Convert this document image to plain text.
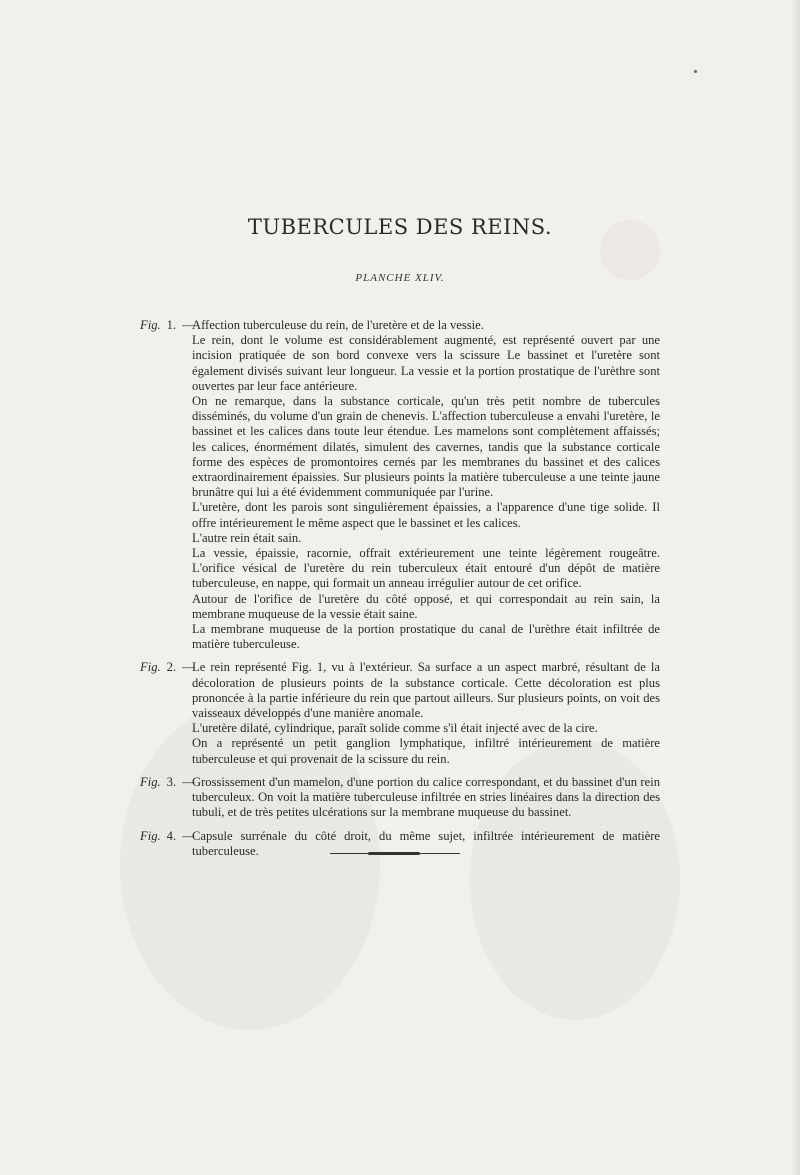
TUBERCULES DES REINS.
PLANCHE XLIV.
Fig. 1. —
Affection tuberculeuse du rein, de l'uretère et de la vessie.
Le rein, dont le volume est considérablement augmenté, est représenté ouvert par une incision pratiquée de son bord convexe vers la scissure Le bassinet et l'uretère sont également divisés suivant leur longueur. La vessie et la portion prostatique de l'urèthre sont ouvertes par leur face antérieure.
On ne remarque, dans la substance corticale, qu'un très petit nombre de tubercules disséminés, du volume d'un grain de chenevis. L'affection tuberculeuse a envahi l'uretère, le bassinet et les calices dans toute leur étendue. Les mamelons sont complètement affaissés; les calices, énormément dilatés, simulent des cavernes, tandis que la substance corticale forme des espèces de promontoires cernés par les membranes du bassinet et des calices extraordinairement épaissies. Sur plusieurs points la matière tuberculeuse a une teinte jaune brunâtre qui lui a été évidemment communiquée par l'urine.
L'uretère, dont les parois sont singulièrement épaissies, a l'apparence d'une tige solide. Il offre intérieurement le même aspect que le bassinet et les calices.
L'autre rein était sain.
La vessie, épaissie, racornie, offrait extérieurement une teinte légèrement rougeâtre. L'orifice vésical de l'uretère du rein tuberculeux était entouré d'un dépôt de matière tuberculeuse, en nappe, qui formait un anneau irrégulier autour de cet orifice.
Autour de l'orifice de l'uretère du côté opposé, et qui correspondait au rein sain, la membrane muqueuse de la vessie était saine.
La membrane muqueuse de la portion prostatique du canal de l'urèthre était infiltrée de matière tuberculeuse.
Fig. 2. —
Le rein représenté Fig. 1, vu à l'extérieur. Sa surface a un aspect marbré, résultant de la décoloration de plusieurs points de la substance corticale. Cette décoloration est plus prononcée à la partie inférieure du rein que partout ailleurs. Sur plusieurs points, on voit des vaisseaux développés d'une manière anomale.
L'uretère dilaté, cylindrique, paraît solide comme s'il était injecté avec de la cire.
On a représenté un petit ganglion lymphatique, infiltré intérieurement de matière tuberculeuse et qui provenait de la scissure du rein.
Fig. 3. —
Grossissement d'un mamelon, d'une portion du calice correspondant, et du bassinet d'un rein tuberculeux. On voit la matière tuberculeuse infiltrée en stries linéaires dans la direction des tubuli, et de très petites ulcérations sur la membrane muqueuse du bassinet.
Fig. 4. —
Capsule surrénale du côté droit, du même sujet, infiltrée intérieurement de matière tuberculeuse.
